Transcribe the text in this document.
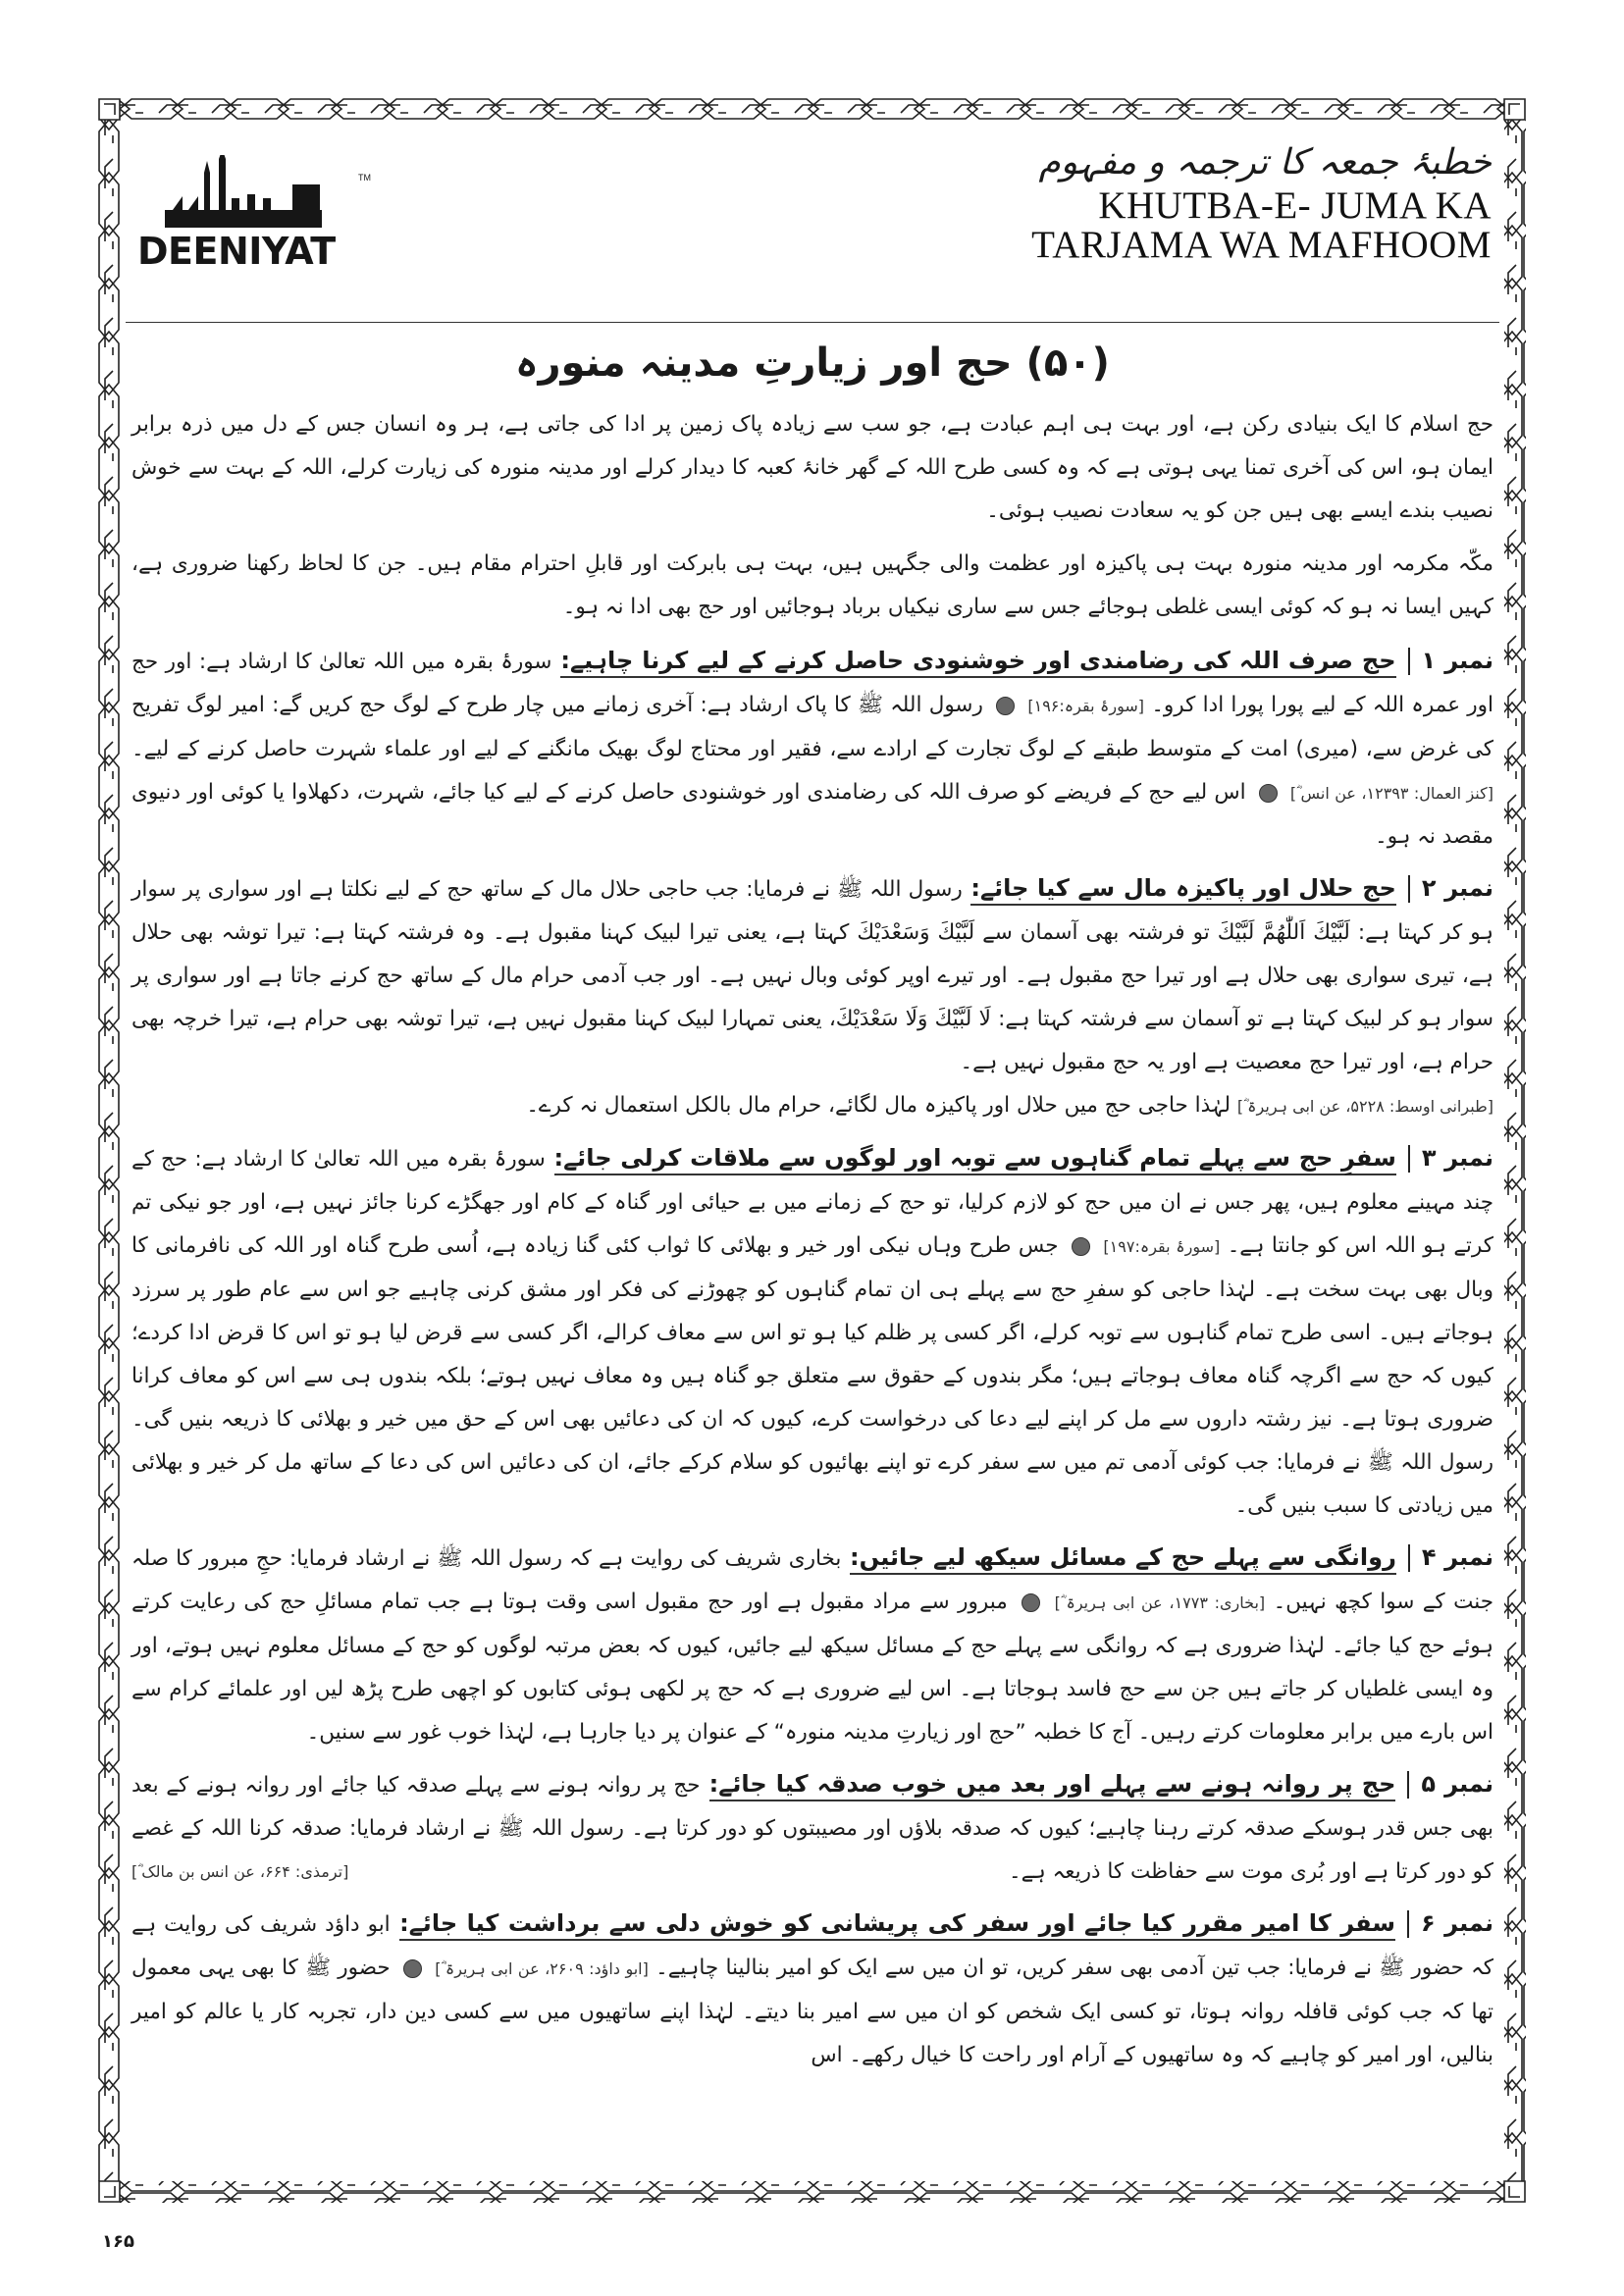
TM
DEENIYAT
خطبۂ جمعہ کا ترجمہ و مفہوم
KHUTBA-E- JUMA KA
TARJAMA WA MAFHOOM
(۵۰) حج اور زیارتِ مدینہ منورہ

حج اسلام کا ایک بنیادی رکن ہے، اور بہت ہی اہم عبادت ہے، جو سب سے زیادہ پاک زمین پر ادا کی جاتی ہے، ہر وہ انسان جس کے دل میں ذرہ برابر ایمان ہو، اس کی آخری تمنا یہی ہوتی ہے کہ وہ کسی طرح اللہ کے گھر خانۂ کعبہ کا دیدار کرلے اور مدینہ منورہ کی زیارت کرلے، اللہ کے بہت سے خوش نصیب بندے ایسے بھی ہیں جن کو یہ سعادت نصیب ہوئی۔

مکّہ مکرمہ اور مدینہ منورہ بہت ہی پاکیزہ اور عظمت والی جگہیں ہیں، بہت ہی بابرکت اور قابلِ احترام مقام ہیں۔ جن کا لحاظ رکھنا ضروری ہے، کہیں ایسا نہ ہو کہ کوئی ایسی غلطی ہوجائے جس سے ساری نیکیاں برباد ہوجائیں اور حج بھی ادا نہ ہو۔

نمبر ۱حج صرف اللہ کی رضامندی اور خوشنودی حاصل کرنے کے لیے کرنا چاہیے: سورۂ بقرہ میں اللہ تعالیٰ کا ارشاد ہے: اور حج اور عمرہ اللہ کے لیے پورا پورا ادا کرو۔ [سورۂ بقرہ:۱۹۶]  رسول اللہ ﷺ کا پاک ارشاد ہے: آخری زمانے میں چار طرح کے لوگ حج کریں گے: امیر لوگ تفریح کی غرض سے، (میری) امت کے متوسط طبقے کے لوگ تجارت کے ارادے سے، فقیر اور محتاج لوگ بھیک مانگنے کے لیے اور علماء شہرت حاصل کرنے کے لیے۔ [کنز العمال: ۱۲۳۹۳، عن انس ؓ]  اس لیے حج کے فریضے کو صرف اللہ کی رضامندی اور خوشنودی حاصل کرنے کے لیے کیا جائے، شہرت، دکھلاوا یا کوئی اور دنیوی مقصد نہ ہو۔

نمبر ۲حج حلال اور پاکیزہ مال سے کیا جائے: رسول اللہ ﷺ نے فرمایا: جب حاجی حلال مال کے ساتھ حج کے لیے نکلتا ہے اور سواری پر سوار ہو کر کہتا ہے: لَبَّيْكَ اَللّٰهُمَّ لَبَّيْكَ تو فرشتہ بھی آسمان سے لَبَّيْكَ وَسَعْدَيْكَ کہتا ہے، یعنی تیرا لبیک کہنا مقبول ہے۔ وہ فرشتہ کہتا ہے: تیرا توشہ بھی حلال ہے، تیری سواری بھی حلال ہے اور تیرا حج مقبول ہے۔ اور تیرے اوپر کوئی وبال نہیں ہے۔ اور جب آدمی حرام مال کے ساتھ حج کرنے جاتا ہے اور سواری پر سوار ہو کر لبیک کہتا ہے تو آسمان سے فرشتہ کہتا ہے: لَا لَبَّيْكَ وَلَا سَعْدَيْكَ، یعنی تمہارا لبیک کہنا مقبول نہیں ہے، تیرا توشہ بھی حرام ہے، تیرا خرچہ بھی حرام ہے، اور تیرا حج معصیت ہے اور یہ حج مقبول نہیں ہے۔
[طبرانی اوسط: ۵۲۲۸، عن ابی ہریرۃ ؓ] لہٰذا حاجی حج میں حلال اور پاکیزہ مال لگائے، حرام مال بالکل استعمال نہ کرے۔

نمبر ۳سفرِ حج سے پہلے تمام گناہوں سے توبہ اور لوگوں سے ملاقات کرلی جائے: سورۂ بقرہ میں اللہ تعالیٰ کا ارشاد ہے: حج کے چند مہینے معلوم ہیں، پھر جس نے ان میں حج کو لازم کرلیا، تو حج کے زمانے میں بے حیائی اور گناہ کے کام اور جھگڑے کرنا جائز نہیں ہے، اور جو نیکی تم کرتے ہو اللہ اس کو جانتا ہے۔ [سورۂ بقرہ:۱۹۷]  جس طرح وہاں نیکی اور خیر و بھلائی کا ثواب کئی گنا زیادہ ہے، اُسی طرح گناہ اور اللہ کی نافرمانی کا وبال بھی بہت سخت ہے۔ لہٰذا حاجی کو سفرِ حج سے پہلے ہی ان تمام گناہوں کو چھوڑنے کی فکر اور مشق کرنی چاہیے جو اس سے عام طور پر سرزد ہوجاتے ہیں۔ اسی طرح تمام گناہوں سے توبہ کرلے، اگر کسی پر ظلم کیا ہو تو اس سے معاف کرالے، اگر کسی سے قرض لیا ہو تو اس کا قرض ادا کردے؛ کیوں کہ حج سے اگرچہ گناہ معاف ہوجاتے ہیں؛ مگر بندوں کے حقوق سے متعلق جو گناہ ہیں وہ معاف نہیں ہوتے؛ بلکہ بندوں ہی سے اس کو معاف کرانا ضروری ہوتا ہے۔ نیز رشتہ داروں سے مل کر اپنے لیے دعا کی درخواست کرے، کیوں کہ ان کی دعائیں بھی اس کے حق میں خیر و بھلائی کا ذریعہ بنیں گی۔ رسول اللہ ﷺ نے فرمایا: جب کوئی آدمی تم میں سے سفر کرے تو اپنے بھائیوں کو سلام کرکے جائے، ان کی دعائیں اس کی دعا کے ساتھ مل کر خیر و بھلائی میں زیادتی کا سبب بنیں گی۔

نمبر ۴روانگی سے پہلے حج کے مسائل سیکھ لیے جائیں: بخاری شریف کی روایت ہے کہ رسول اللہ ﷺ نے ارشاد فرمایا: حجِ مبرور کا صلہ جنت کے سوا کچھ نہیں۔ [بخاری: ۱۷۷۳، عن ابی ہریرۃ ؓ]  مبرور سے مراد مقبول ہے اور حج مقبول اسی وقت ہوتا ہے جب تمام مسائلِ حج کی رعایت کرتے ہوئے حج کیا جائے۔ لہٰذا ضروری ہے کہ روانگی سے پہلے حج کے مسائل سیکھ لیے جائیں، کیوں کہ بعض مرتبہ لوگوں کو حج کے مسائل معلوم نہیں ہوتے، اور وہ ایسی غلطیاں کر جاتے ہیں جن سے حج فاسد ہوجاتا ہے۔ اس لیے ضروری ہے کہ حج پر لکھی ہوئی کتابوں کو اچھی طرح پڑھ لیں اور علمائے کرام سے اس بارے میں برابر معلومات کرتے رہیں۔ آج کا خطبہ ”حج اور زیارتِ مدینہ منورہ“ کے عنوان پر دیا جارہا ہے، لہٰذا خوب غور سے سنیں۔

نمبر ۵حج پر روانہ ہونے سے پہلے اور بعد میں خوب صدقہ کیا جائے: حج پر روانہ ہونے سے پہلے صدقہ کیا جائے اور روانہ ہونے کے بعد بھی جس قدر ہوسکے صدقہ کرتے رہنا چاہیے؛ کیوں کہ صدقہ بلاؤں اور مصیبتوں کو دور کرتا ہے۔ رسول اللہ ﷺ نے ارشاد فرمایا: صدقہ کرنا اللہ کے غصے کو دور کرتا ہے اور بُری موت سے حفاظت کا ذریعہ ہے۔
[ترمذی: ۶۶۴، عن انس بن مالک ؓ]

نمبر ۶سفر کا امیر مقرر کیا جائے اور سفر کی پریشانی کو خوش دلی سے برداشت کیا جائے: ابو داؤد شریف کی روایت ہے کہ حضور ﷺ نے فرمایا: جب تین آدمی بھی سفر کریں، تو ان میں سے ایک کو امیر بنالینا چاہیے۔ [ابو داؤد: ۲۶۰۹، عن ابی ہریرۃ ؓ]  حضور ﷺ کا بھی یہی معمول تھا کہ جب کوئی قافلہ روانہ ہوتا، تو کسی ایک شخص کو ان میں سے امیر بنا دیتے۔ لہٰذا اپنے ساتھیوں میں سے کسی دین دار، تجربہ کار یا عالم کو امیر بنالیں، اور امیر کو چاہیے کہ وہ ساتھیوں کے آرام اور راحت کا خیال رکھے۔ اس

۱۶۵
